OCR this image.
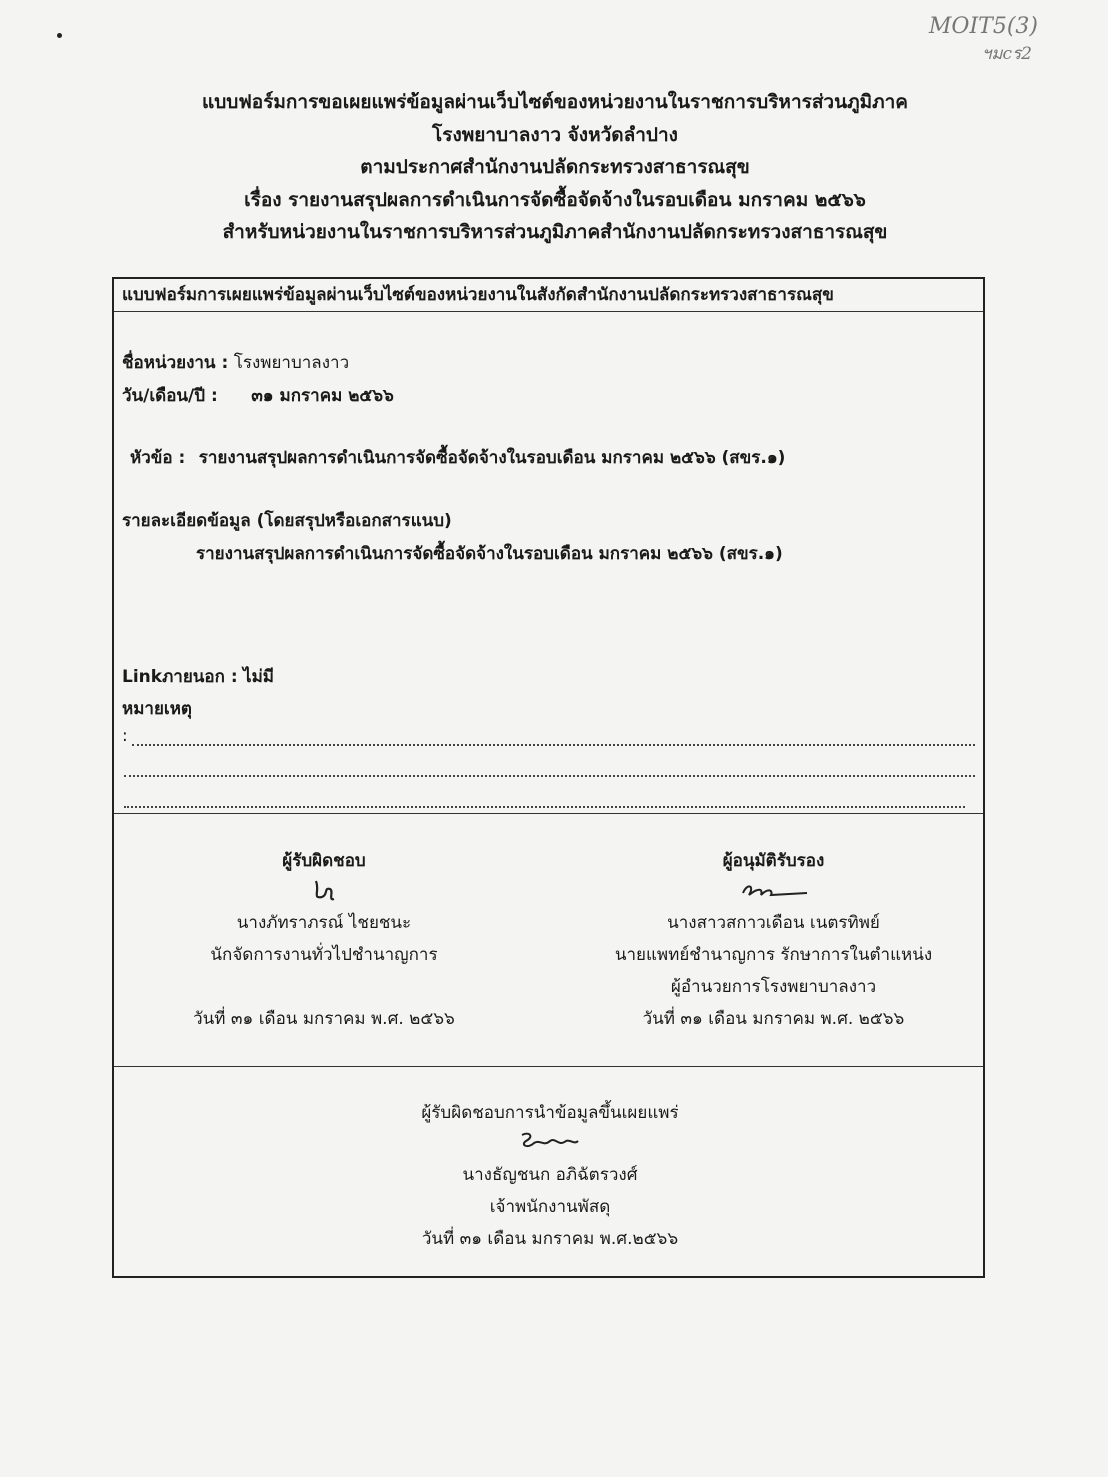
MOIT5(3)
ฯมcร2
แบบฟอร์มการขอเผยแพร่ข้อมูลผ่านเว็บไซต์ของหน่วยงานในราชการบริหารส่วนภูมิภาค
โรงพยาบาลงาว จังหวัดลำปาง
ตามประกาศสำนักงานปลัดกระทรวงสาธารณสุข
เรื่อง รายงานสรุปผลการดำเนินการจัดซื้อจัดจ้างในรอบเดือน มกราคม ๒๕๖๖
สำหรับหน่วยงานในราชการบริหารส่วนภูมิภาคสำนักงานปลัดกระทรวงสาธารณสุข
แบบฟอร์มการเผยแพร่ข้อมูลผ่านเว็บไซต์ของหน่วยงานในสังกัดสำนักงานปลัดกระทรวงสาธารณสุข
ชื่อหน่วยงาน : โรงพยาบาลงาว
วัน/เดือน/ปี : ๓๑ มกราคม ๒๕๖๖
หัวข้อ : รายงานสรุปผลการดำเนินการจัดซื้อจัดจ้างในรอบเดือน มกราคม ๒๕๖๖ (สขร.๑)
รายละเอียดข้อมูล (โดยสรุปหรือเอกสารแนบ)
รายงานสรุปผลการดำเนินการจัดซื้อจัดจ้างในรอบเดือน มกราคม ๒๕๖๖ (สขร.๑)
Linkภายนอก : ไม่มี
หมายเหตุ
:
ผู้รับผิดชอบ
นางภัทราภรณ์ ไชยชนะ
นักจัดการงานทั่วไปชำนาญการ
วันที่ ๓๑ เดือน มกราคม พ.ศ. ๒๕๖๖
ผู้อนุมัติรับรอง
นางสาวสกาวเดือน เนตรทิพย์
นายแพทย์ชำนาญการ รักษาการในตำแหน่ง
ผู้อำนวยการโรงพยาบาลงาว
วันที่ ๓๑ เดือน มกราคม พ.ศ. ๒๕๖๖
ผู้รับผิดชอบการนำข้อมูลขึ้นเผยแพร่
นางธัญชนก อภิฉัตรวงศ์
เจ้าพนักงานพัสดุ
วันที่ ๓๑ เดือน มกราคม พ.ศ.๒๕๖๖
